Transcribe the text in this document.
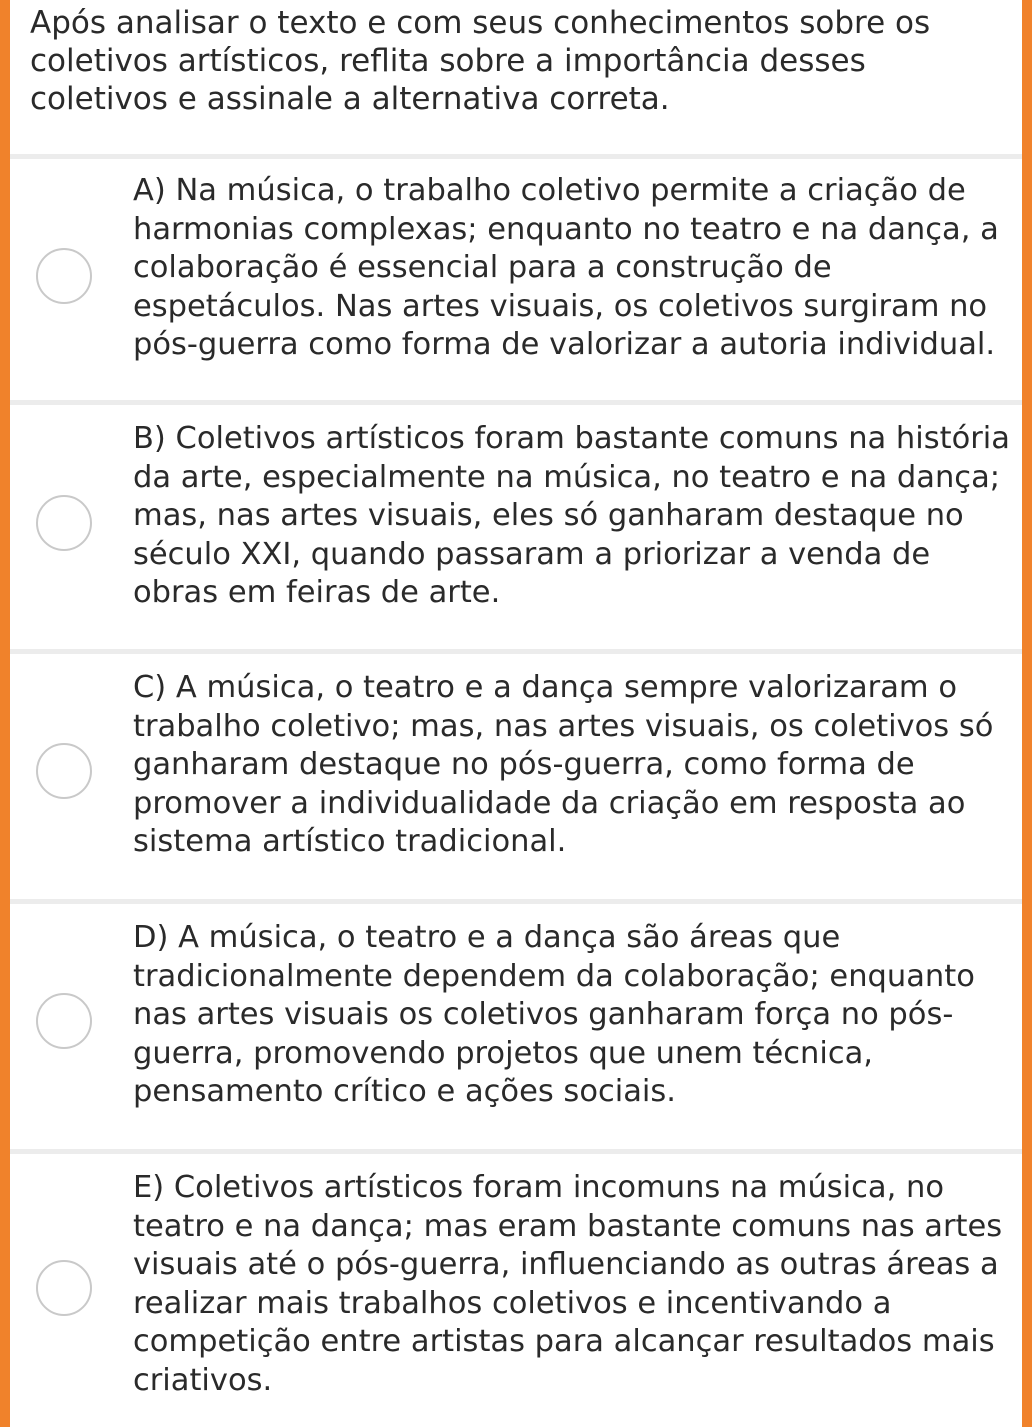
Após analisar o texto e com seus conhecimentos sobre os coletivos artísticos, reflita sobre a importância desses coletivos e assinale a alternativa correta.
A) Na música, o trabalho coletivo permite a criação de harmonias complexas; enquanto no teatro e na dança, a colaboração é essencial para a construção de espetáculos. Nas artes visuais, os coletivos surgiram no pós-guerra como forma de valorizar a autoria individual.
B) Coletivos artísticos foram bastante comuns na história da arte, especialmente na música, no teatro e na dança; mas, nas artes visuais, eles só ganharam destaque no século XXI, quando passaram a priorizar a venda de obras em feiras de arte.
C) A música, o teatro e a dança sempre valorizaram o trabalho coletivo; mas, nas artes visuais, os coletivos só ganharam destaque no pós-guerra, como forma de promover a individualidade da criação em resposta ao sistema artístico tradicional.
D) A música, o teatro e a dança são áreas que tradicionalmente dependem da colaboração; enquanto nas artes visuais os coletivos ganharam força no pós-guerra, promovendo projetos que unem técnica, pensamento crítico e ações sociais.
E) Coletivos artísticos foram incomuns na música, no teatro e na dança; mas eram bastante comuns nas artes visuais até o pós-guerra, influenciando as outras áreas a realizar mais trabalhos coletivos e incentivando a competição entre artistas para alcançar resultados mais criativos.
